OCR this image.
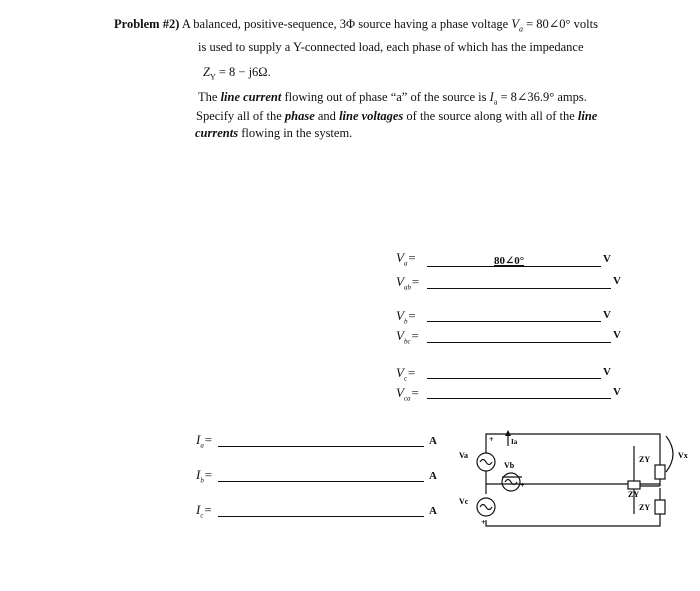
Problem #2) A balanced, positive-sequence, 3Φ source having a phase voltage $V_a$ = 80∠0° volts
is used to supply a Y-connected load, each phase of which has the impedance
$Z_Y = 8 - j6\Omega$.
The line current flowing out of phase “a” of the source is $I_a$ = 8∠36.9° amps.
Specify all of the phase and line voltages of the source along with all of the line
currents flowing in the system.
$V_a=$	80∠0°	V
$V_{ab}=$	V
$V_b=$	V
$V_{bc}=$	V
$V_c=$	V
$V_{ca}=$	V
$I_a=$	A
$I_b=$	A
$I_c=$	A
Va
Vb
Vc
Ia
ZY
ZY
ZY
Vx
+
+
+
